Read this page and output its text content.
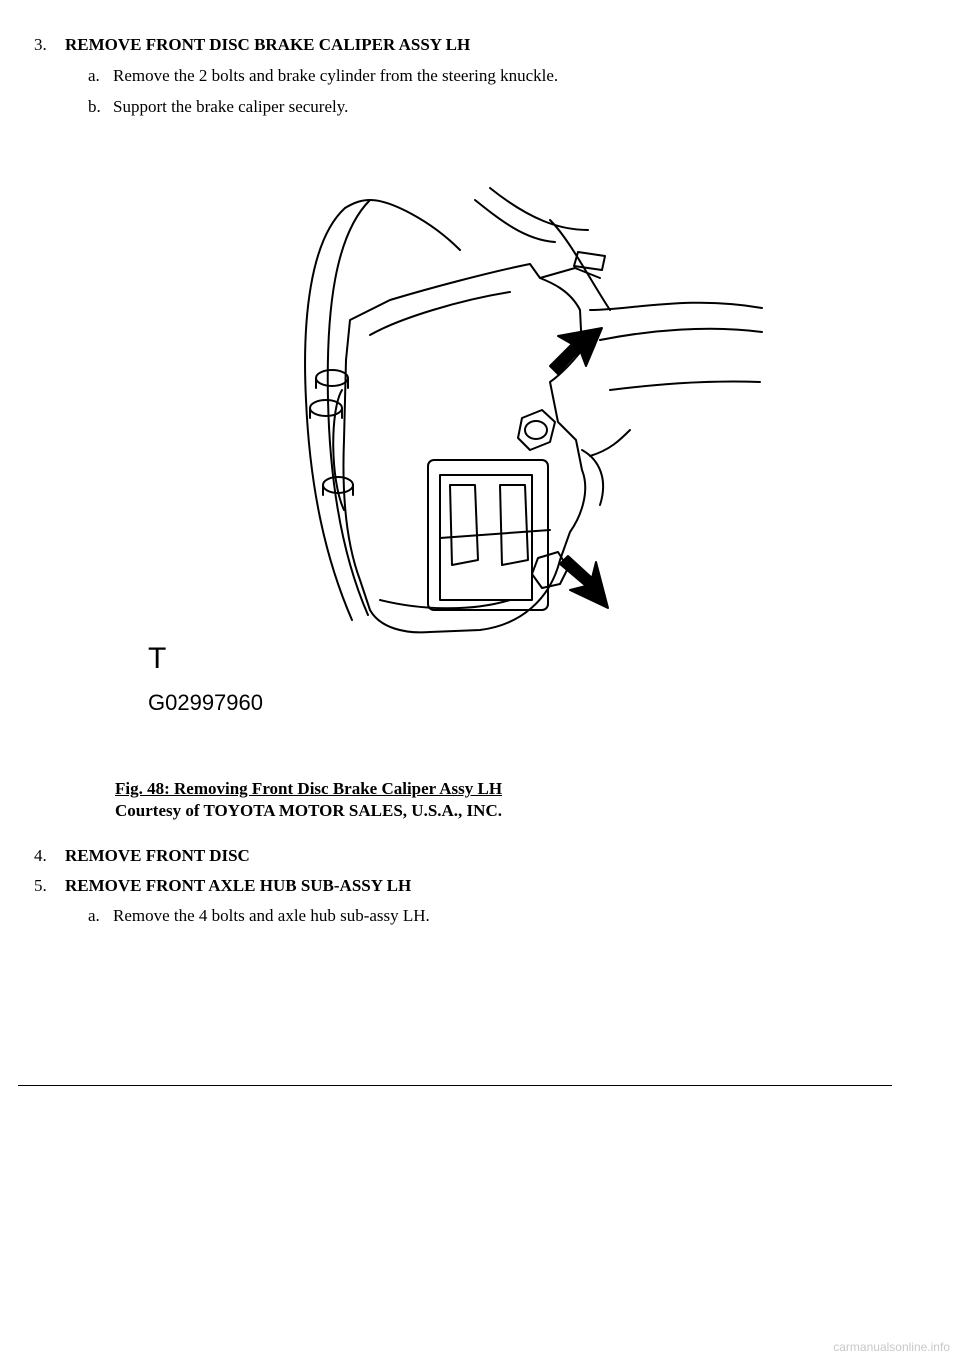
3.	REMOVE FRONT DISC BRAKE CALIPER ASSY LH
a. Remove the 2 bolts and brake cylinder from the steering knuckle.
b. Support the brake caliper securely.
T
G02997960
Fig. 48: Removing Front Disc Brake Caliper Assy LH
Courtesy of TOYOTA MOTOR SALES, U.S.A., INC.
4.	REMOVE FRONT DISC
5.	REMOVE FRONT AXLE HUB SUB-ASSY LH
a. Remove the 4 bolts and axle hub sub-assy LH.
carmanualsonline.info
